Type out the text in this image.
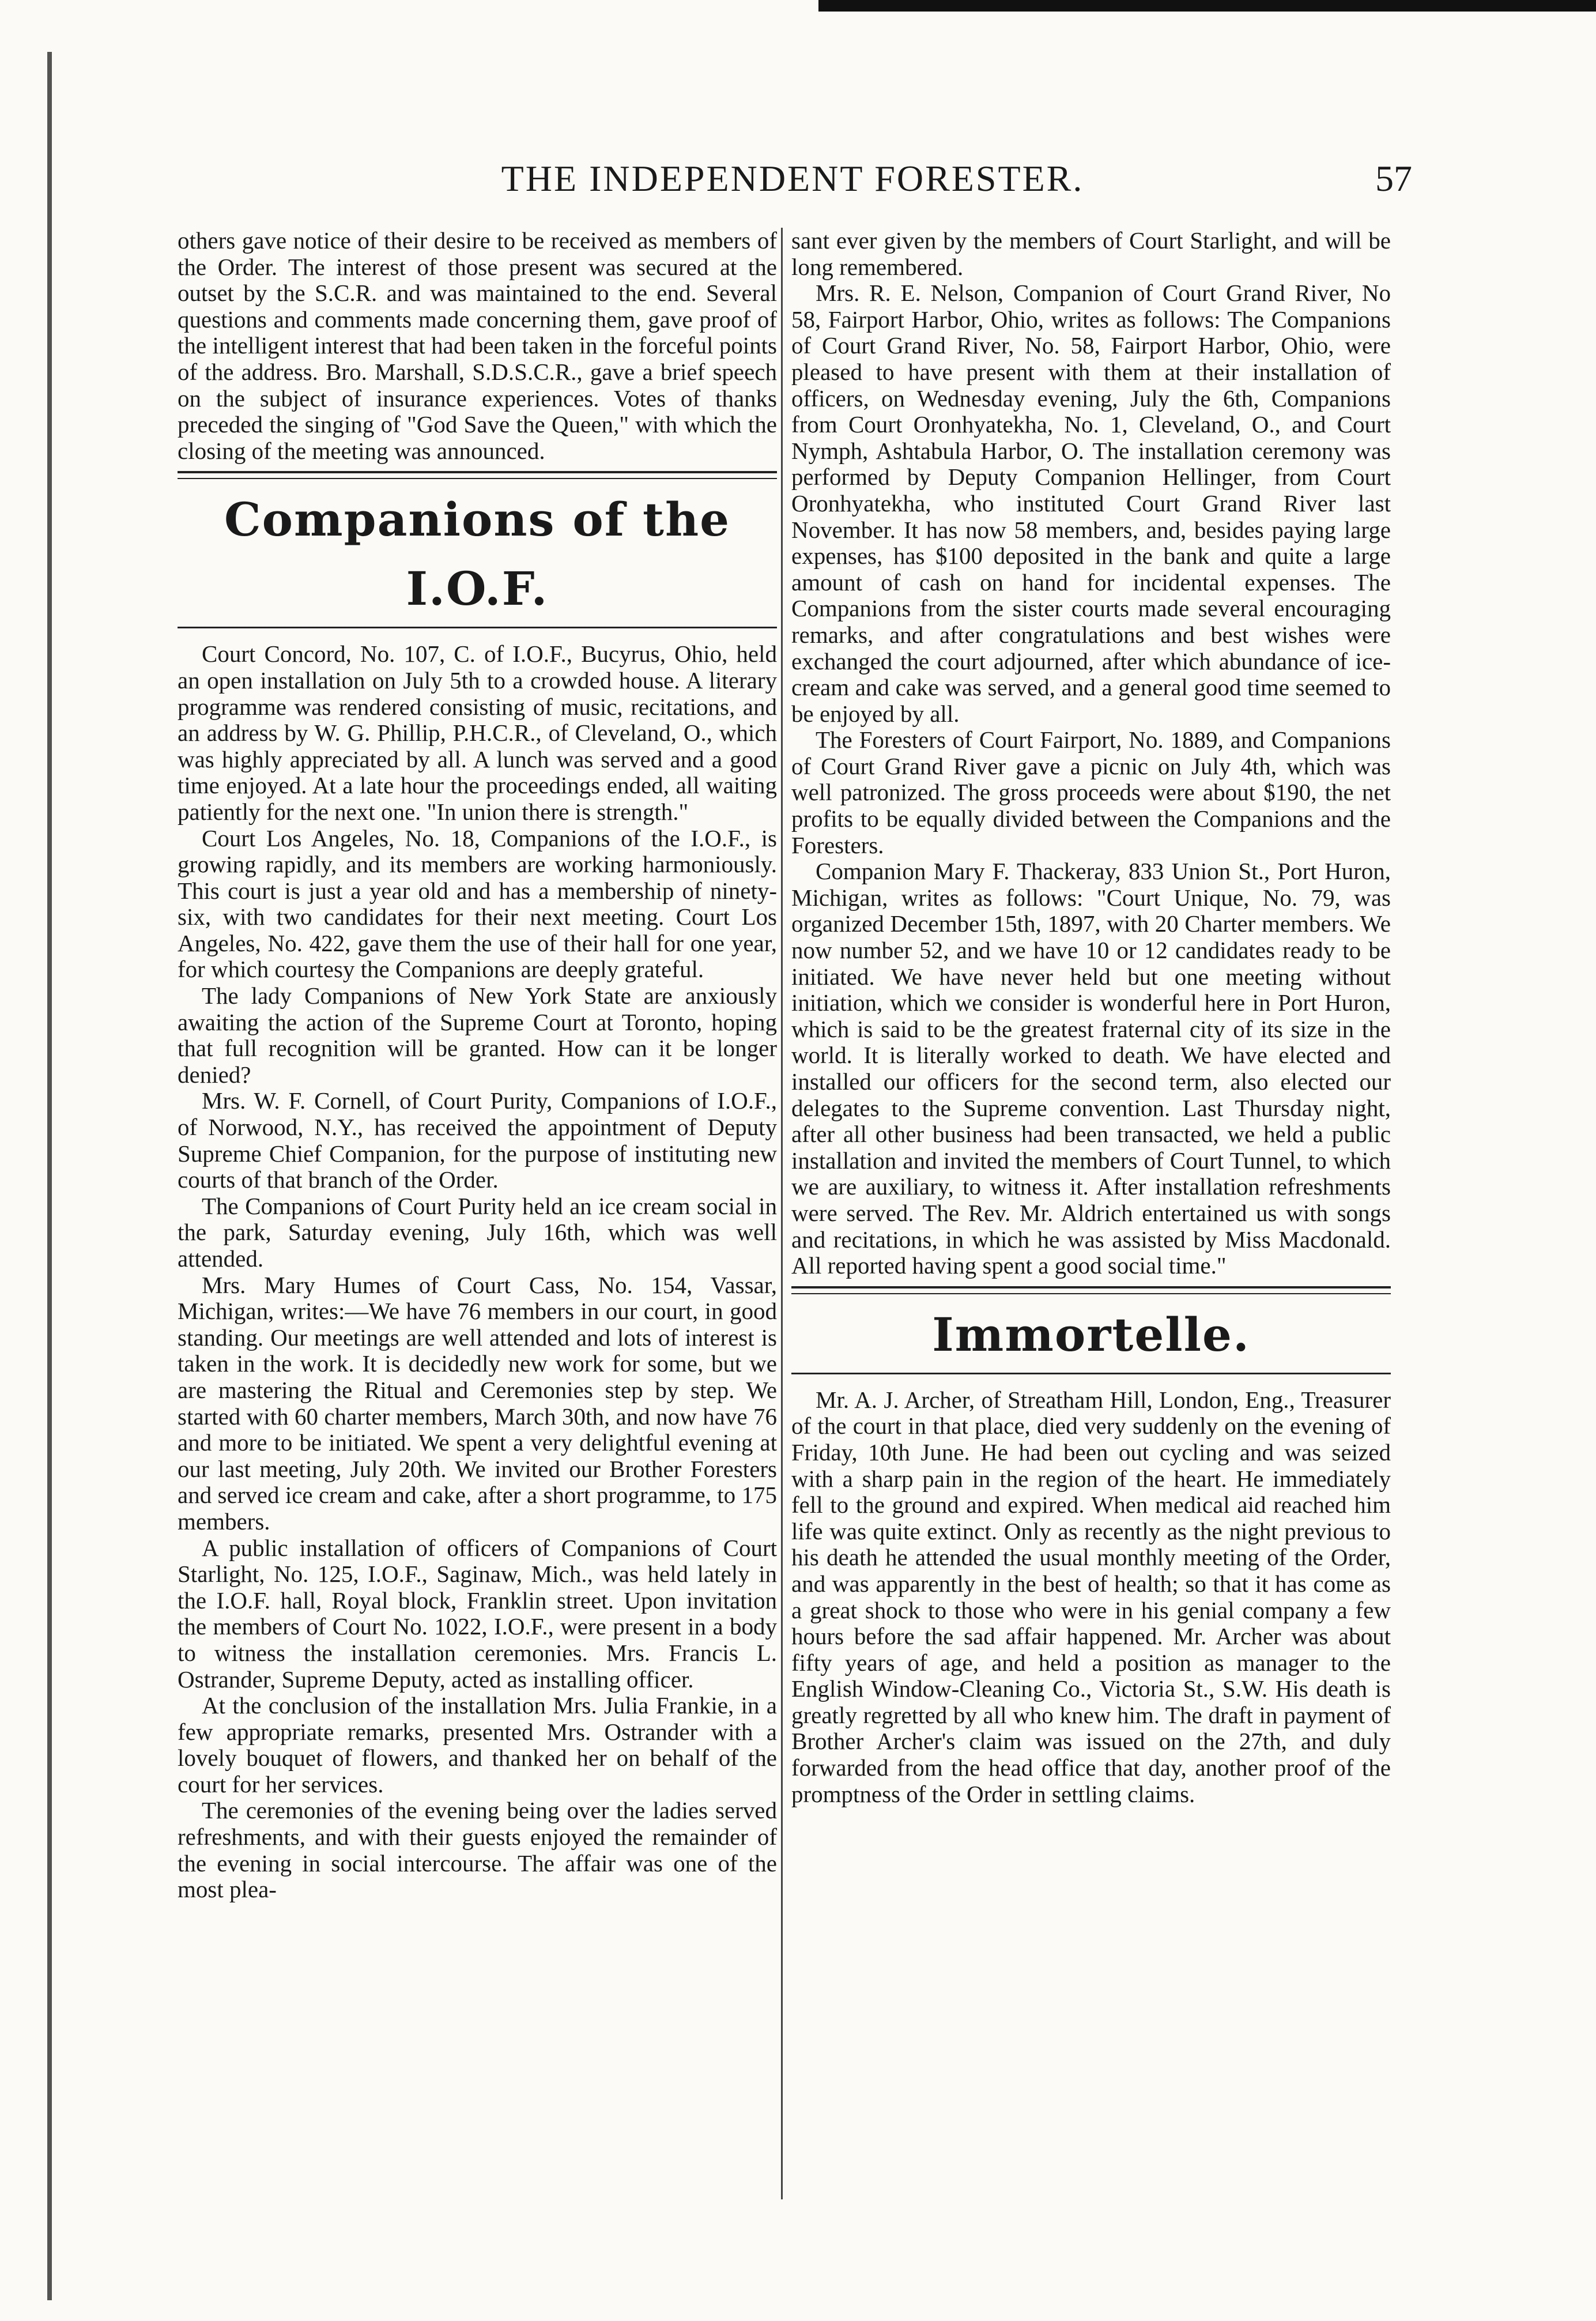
THE INDEPENDENT FORESTER.	57

others gave notice of their desire to be received as members of the Order. The interest of those present was secured at the outset by the S.C.R. and was maintained to the end. Several questions and comments made concerning them, gave proof of the intelligent interest that had been taken in the forceful points of the address. Bro. Marshall, S.D.S.C.R., gave a brief speech on the subject of insurance experiences. Votes of thanks preceded the singing of "God Save the Queen," with which the closing of the meeting was announced.

Companions of the I.O.F.

Court Concord, No. 107, C. of I.O.F., Bucyrus, Ohio, held an open installation on July 5th to a crowded house. A literary programme was rendered consisting of music, recitations, and an address by W. G. Phillip, P.H.C.R., of Cleveland, O., which was highly appreciated by all. A lunch was served and a good time enjoyed. At a late hour the proceedings ended, all waiting patiently for the next one. "In union there is strength."

Court Los Angeles, No. 18, Companions of the I.O.F., is growing rapidly, and its members are working harmoniously. This court is just a year old and has a membership of ninety-six, with two candidates for their next meeting. Court Los Angeles, No. 422, gave them the use of their hall for one year, for which courtesy the Companions are deeply grateful.

The lady Companions of New York State are anxiously awaiting the action of the Supreme Court at Toronto, hoping that full recognition will be granted. How can it be longer denied?

Mrs. W. F. Cornell, of Court Purity, Companions of I.O.F., of Norwood, N.Y., has received the appointment of Deputy Supreme Chief Companion, for the purpose of instituting new courts of that branch of the Order.

The Companions of Court Purity held an ice cream social in the park, Saturday evening, July 16th, which was well attended.

Mrs. Mary Humes of Court Cass, No. 154, Vassar, Michigan, writes:—We have 76 members in our court, in good standing. Our meetings are well attended and lots of interest is taken in the work. It is decidedly new work for some, but we are mastering the Ritual and Ceremonies step by step. We started with 60 charter members, March 30th, and now have 76 and more to be initiated. We spent a very delightful evening at our last meeting, July 20th. We invited our Brother Foresters and served ice cream and cake, after a short programme, to 175 members.

A public installation of officers of Companions of Court Starlight, No. 125, I.O.F., Saginaw, Mich., was held lately in the I.O.F. hall, Royal block, Franklin street. Upon invitation the members of Court No. 1022, I.O.F., were present in a body to witness the installation ceremonies. Mrs. Francis L. Ostrander, Supreme Deputy, acted as installing officer.

At the conclusion of the installation Mrs. Julia Frankie, in a few appropriate remarks, presented Mrs. Ostrander with a lovely bouquet of flowers, and thanked her on behalf of the court for her services.

The ceremonies of the evening being over the ladies served refreshments, and with their guests enjoyed the remainder of the evening in social intercourse. The affair was one of the most plea-

sant ever given by the members of Court Starlight, and will be long remembered.

Mrs. R. E. Nelson, Companion of Court Grand River, No 58, Fairport Harbor, Ohio, writes as follows: The Companions of Court Grand River, No. 58, Fairport Harbor, Ohio, were pleased to have present with them at their installation of officers, on Wednesday evening, July the 6th, Companions from Court Oronhyatekha, No. 1, Cleveland, O., and Court Nymph, Ashtabula Harbor, O. The installation ceremony was performed by Deputy Companion Hellinger, from Court Oronhyatekha, who instituted Court Grand River last November. It has now 58 members, and, besides paying large expenses, has $100 deposited in the bank and quite a large amount of cash on hand for incidental expenses. The Companions from the sister courts made several encouraging remarks, and after congratulations and best wishes were exchanged the court adjourned, after which abundance of ice-cream and cake was served, and a general good time seemed to be enjoyed by all.

The Foresters of Court Fairport, No. 1889, and Companions of Court Grand River gave a picnic on July 4th, which was well patronized. The gross proceeds were about $190, the net profits to be equally divided between the Companions and the Foresters.

Companion Mary F. Thackeray, 833 Union St., Port Huron, Michigan, writes as follows: "Court Unique, No. 79, was organized December 15th, 1897, with 20 Charter members. We now number 52, and we have 10 or 12 candidates ready to be initiated. We have never held but one meeting without initiation, which we consider is wonderful here in Port Huron, which is said to be the greatest fraternal city of its size in the world. It is literally worked to death. We have elected and installed our officers for the second term, also elected our delegates to the Supreme convention. Last Thursday night, after all other business had been transacted, we held a public installation and invited the members of Court Tunnel, to which we are auxiliary, to witness it. After installation refreshments were served. The Rev. Mr. Aldrich entertained us with songs and recitations, in which he was assisted by Miss Macdonald. All reported having spent a good social time."

Immortelle.

Mr. A. J. Archer, of Streatham Hill, London, Eng., Treasurer of the court in that place, died very suddenly on the evening of Friday, 10th June. He had been out cycling and was seized with a sharp pain in the region of the heart. He immediately fell to the ground and expired. When medical aid reached him life was quite extinct. Only as recently as the night previous to his death he attended the usual monthly meeting of the Order, and was apparently in the best of health; so that it has come as a great shock to those who were in his genial company a few hours before the sad affair happened. Mr. Archer was about fifty years of age, and held a position as manager to the English Window-Cleaning Co., Victoria St., S.W. His death is greatly regretted by all who knew him. The draft in payment of Brother Archer's claim was issued on the 27th, and duly forwarded from the head office that day, another proof of the promptness of the Order in settling claims.
